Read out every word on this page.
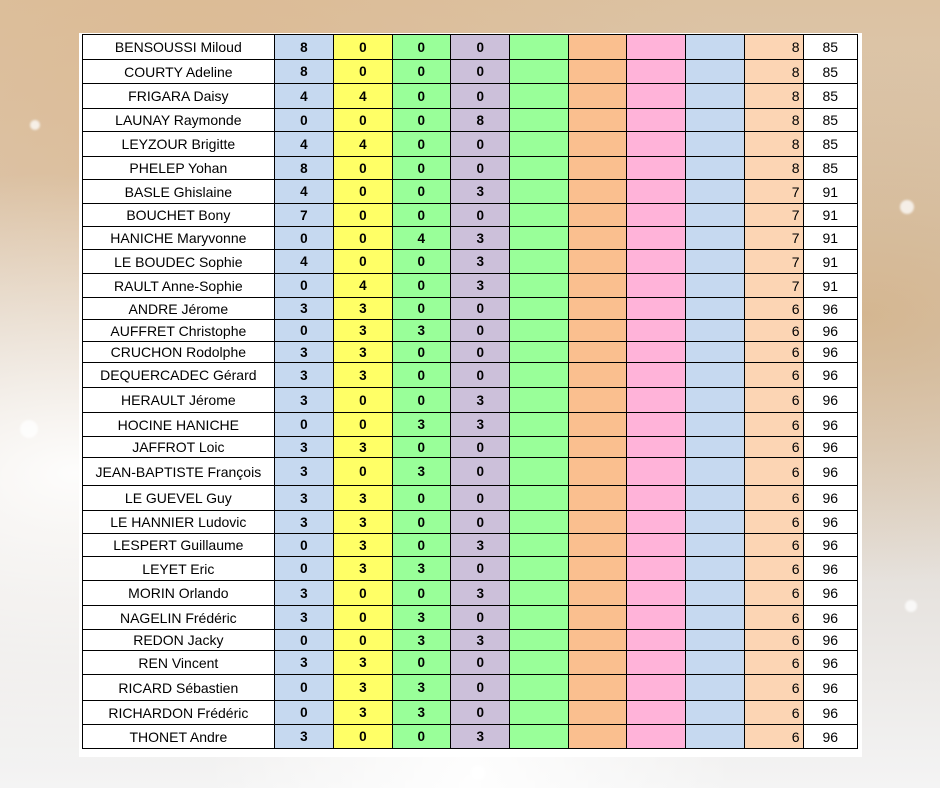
BENSOUSSI Miloud	8	0	0	0					8	85
COURTY Adeline	8	0	0	0					8	85
FRIGARA Daisy	4	4	0	0					8	85
LAUNAY Raymonde	0	0	0	8					8	85
LEYZOUR Brigitte	4	4	0	0					8	85
PHELEP Yohan	8	0	0	0					8	85
BASLE Ghislaine	4	0	0	3					7	91
BOUCHET Bony	7	0	0	0					7	91
HANICHE Maryvonne	0	0	4	3					7	91
LE BOUDEC Sophie	4	0	0	3					7	91
RAULT Anne-Sophie	0	4	0	3					7	91
ANDRE Jérome	3	3	0	0					6	96
AUFFRET Christophe	0	3	3	0					6	96
CRUCHON Rodolphe	3	3	0	0					6	96
DEQUERCADEC Gérard	3	3	0	0					6	96
HERAULT Jérome	3	0	0	3					6	96
HOCINE HANICHE	0	0	3	3					6	96
JAFFROT Loic	3	3	0	0					6	96
JEAN-BAPTISTE François	3	0	3	0					6	96
LE GUEVEL Guy	3	3	0	0					6	96
LE HANNIER Ludovic	3	3	0	0					6	96
LESPERT Guillaume	0	3	0	3					6	96
LEYET Eric	0	3	3	0					6	96
MORIN Orlando	3	0	0	3					6	96
NAGELIN Frédéric	3	0	3	0					6	96
REDON Jacky	0	0	3	3					6	96
REN Vincent	3	3	0	0					6	96
RICARD Sébastien	0	3	3	0					6	96
RICHARDON Frédéric	0	3	3	0					6	96
THONET Andre	3	0	0	3					6	96
